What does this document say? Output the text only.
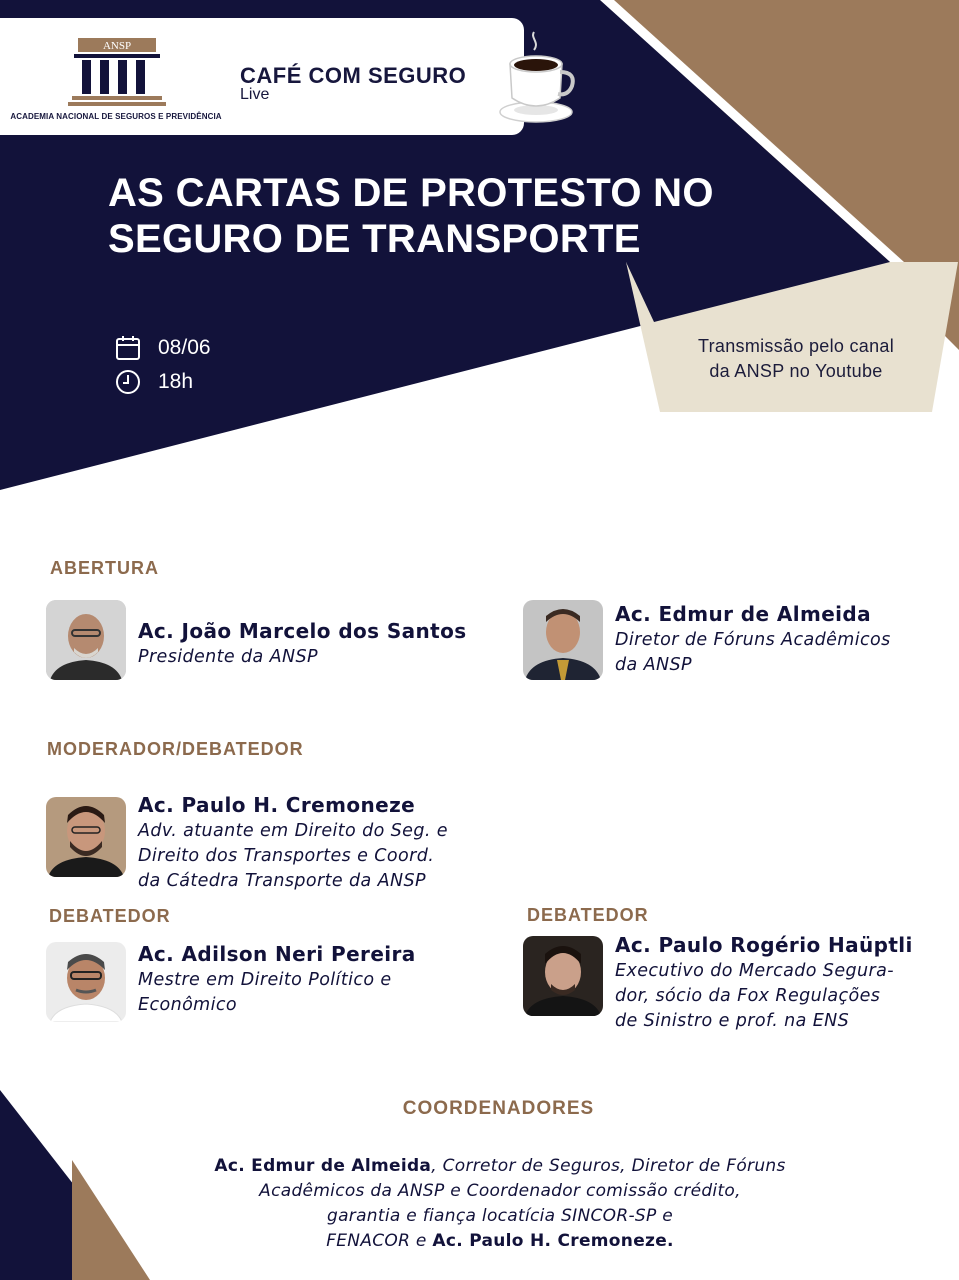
ANSP
ACADEMIA NACIONAL DE SEGUROS E PREVIDÊNCIA
CAFÉ COM SEGURO
Live
AS CARTAS DE PROTESTO NO
SEGURO DE TRANSPORTE
08/06
18h
Transmissão pelo canal
da ANSP no Youtube
ABERTURA
Ac. João Marcelo dos Santos
Presidente da ANSP
Ac. Edmur de Almeida
Diretor de Fóruns Acadêmicos
da ANSP
MODERADOR/DEBATEDOR
Ac. Paulo H. Cremoneze
Adv. atuante em Direito do Seg. e
Direito dos Transportes e Coord.
da Cátedra Transporte da ANSP
DEBATEDOR
Ac. Adilson Neri Pereira
Mestre em Direito Político e
Econômico
DEBATEDOR
Ac. Paulo Rogério Haüptli
Executivo do Mercado Segura-
dor, sócio da Fox Regulações
de Sinistro e prof. na ENS
COORDENADORES
Ac. Edmur de Almeida, Corretor de Seguros, Diretor de Fóruns
Acadêmicos da ANSP e Coordenador comissão crédito,
garantia e fiança locatícia SINCOR-SP e
FENACOR e Ac. Paulo H. Cremoneze.
